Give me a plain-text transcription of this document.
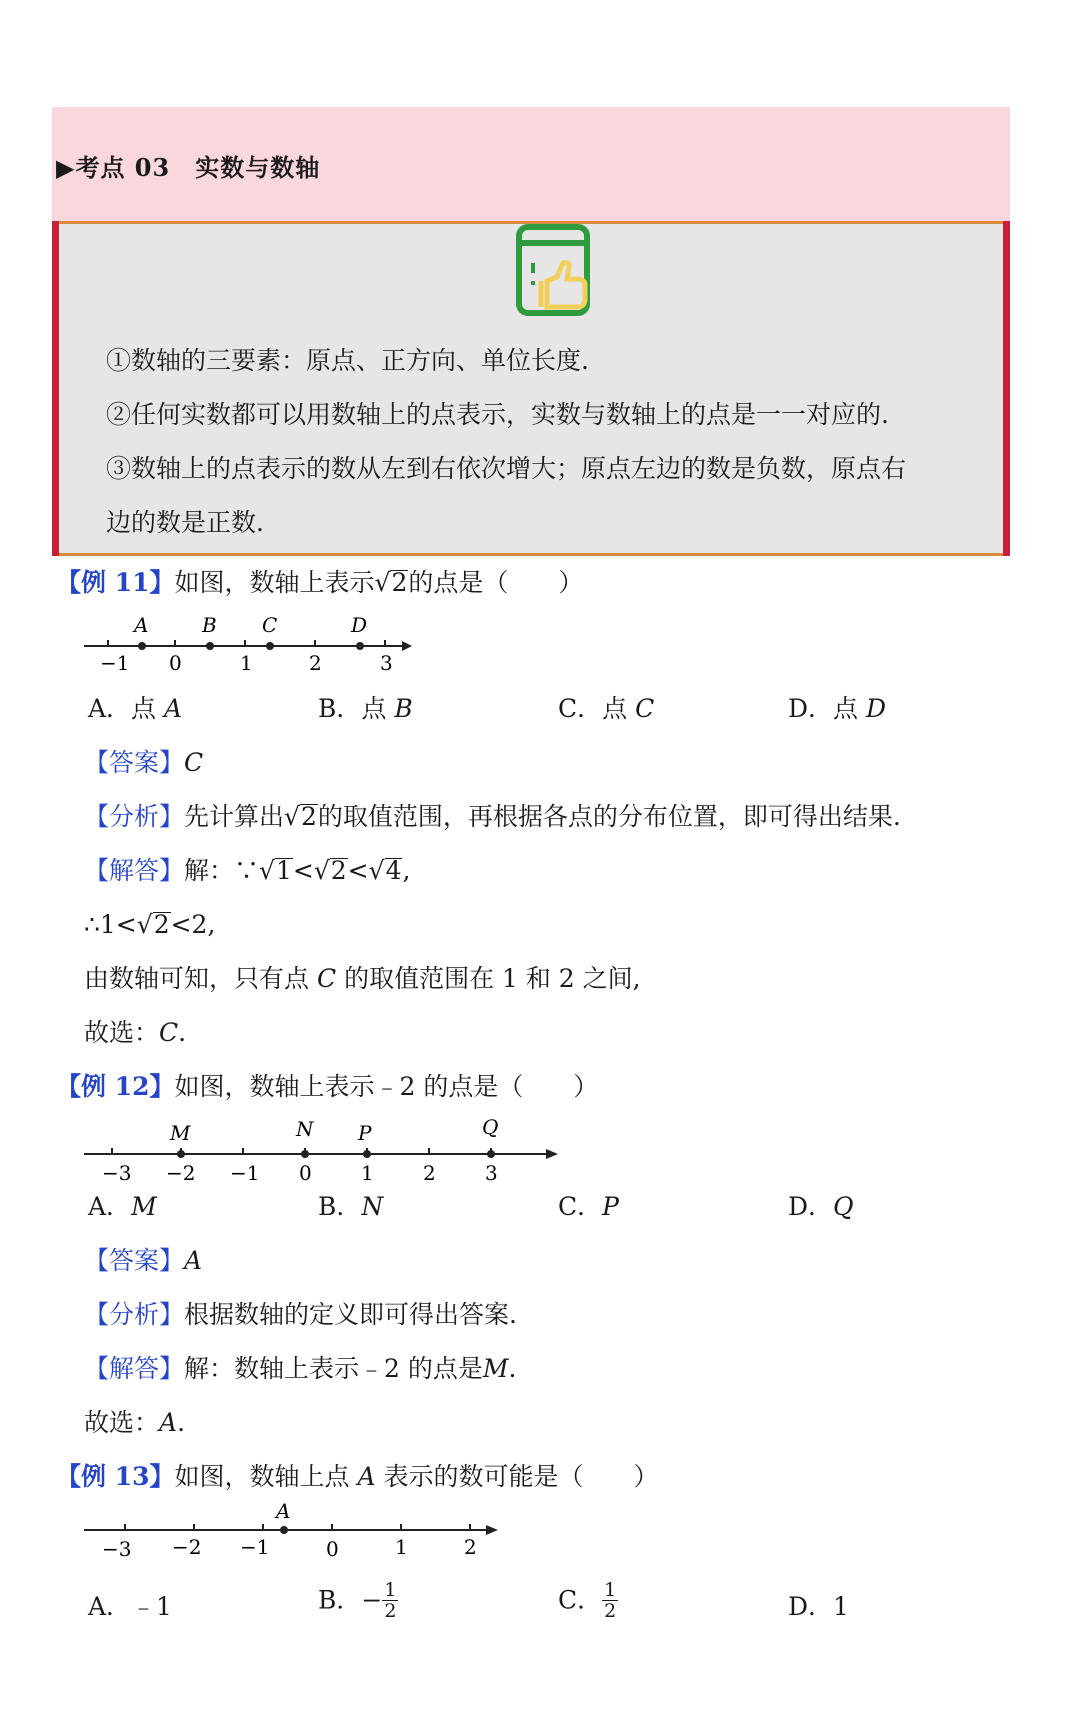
▶考点 03　实数与数轴
①数轴的三要素：原点、正方向、单位长度.
②任何实数都可以用数轴上的点表示，实数与数轴上的点是一一对应的.
③数轴上的点表示的数从左到右依次增大；原点左边的数是负数，原点右
边的数是正数.
【例 11】如图，数轴上表示√2的点是（　　）
−1 0	1	2	3
A	B C	D
A．点 A	B．点 B	C．点 C	D．点 D
【答案】C
【分析】先计算出√2的取值范围，再根据各点的分布位置，即可得出结果.
【解答】解：∵√1<√2<√4,
∴1<√2<2,
由数轴可知，只有点 C 的取值范围在 1 和 2 之间,
故选：C.
【例 12】如图，数轴上表示﹣2 的点是（　　）
−3 −2 −1 0 1 2 3
M	N P	Q
A．M	B．N	C．P	D．Q
【答案】A
【分析】根据数轴的定义即可得出答案.
【解答】解：数轴上表示﹣2 的点是M.
故选：A.
【例 13】如图，数轴上点 A 表示的数可能是（　　）
−3 −2 −1	0	1	2
A
A．﹣1	B．− $\frac{1}{2}$	C． $\frac{1}{2}$	D．1
